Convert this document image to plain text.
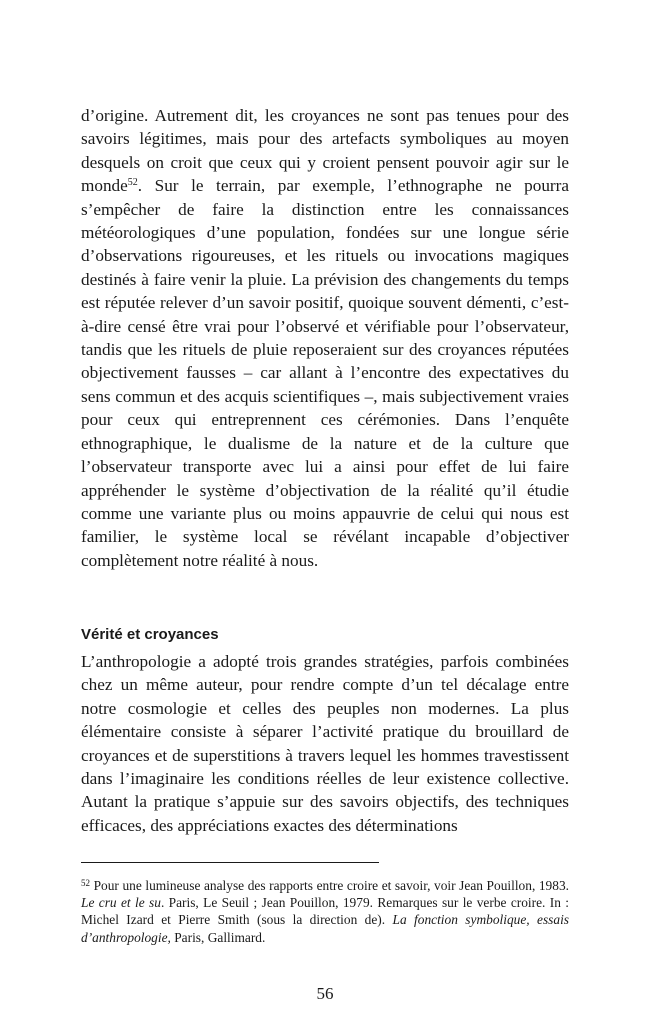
d’origine. Autrement dit, les croyances ne sont pas tenues pour des savoirs légitimes, mais pour des artefacts symboliques au moyen desquels on croit que ceux qui y croient pensent pouvoir agir sur le monde$^{52}$. Sur le terrain, par exemple, l’ethnographe ne pourra s’empêcher de faire la distinction entre les connaissances météorologiques d’une population, fondées sur une longue série d’observations rigoureuses, et les rituels ou invocations magiques destinés à faire venir la pluie. La prévision des changements du temps est réputée relever d’un savoir positif, quoique souvent démenti, c’est-à-dire censé être vrai pour l’observé et vérifiable pour l’observateur, tandis que les rituels de pluie reposeraient sur des croyances réputées objectivement fausses – car allant à l’encontre des expectatives du sens commun et des acquis scientifiques –, mais subjectivement vraies pour ceux qui entreprennent ces cérémonies. Dans l’enquête ethnographique, le dualisme de la nature et de la culture que l’observateur transporte avec lui a ainsi pour effet de lui faire appréhender le système d’objectivation de la réalité qu’il étudie comme une variante plus ou moins appauvrie de celui qui nous est familier, le système local se révélant incapable d’objectiver complètement notre réalité à nous.

Vérité et croyances

L’anthropologie a adopté trois grandes stratégies, parfois combinées chez un même auteur, pour rendre compte d’un tel décalage entre notre cosmologie et celles des peuples non modernes. La plus élémentaire consiste à séparer l’activité pratique du brouillard de croyances et de superstitions à travers lequel les hommes travestissent dans l’imaginaire les conditions réelles de leur existence collective. Autant la pratique s’appuie sur des savoirs objectifs, des techniques efficaces, des appréciations exactes des déterminations

$^{52}$ Pour une lumineuse analyse des rapports entre croire et savoir, voir Jean Pouillon, 1983. Le cru et le su. Paris, Le Seuil ; Jean Pouillon, 1979. Remarques sur le verbe croire. In : Michel Izard et Pierre Smith (sous la direction de). La fonction symbolique, essais d’anthropologie, Paris, Gallimard.

56
